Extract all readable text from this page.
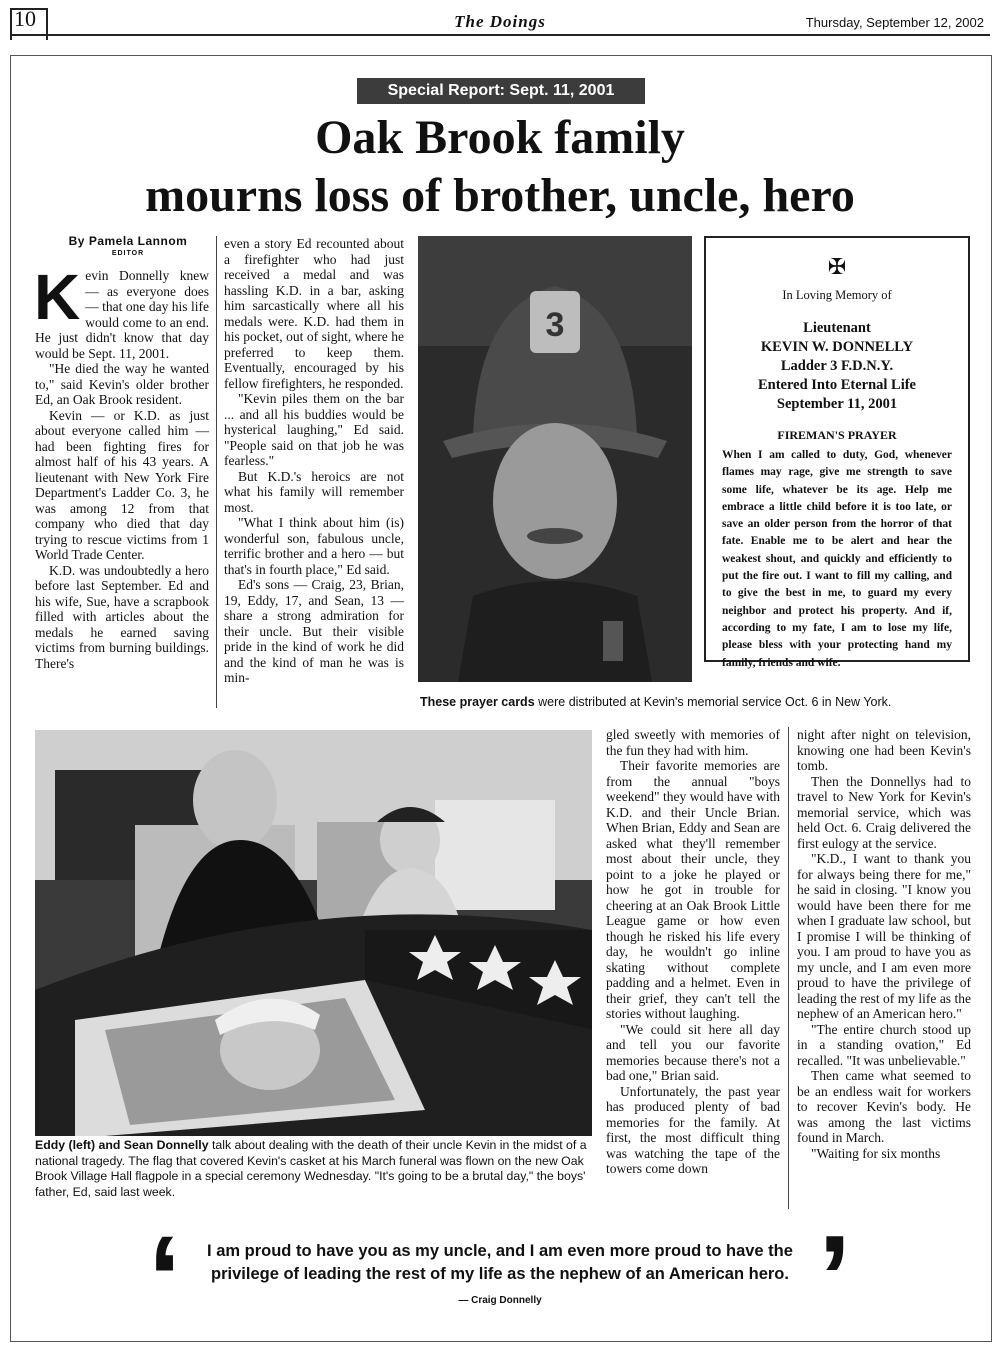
10	The Doings	Thursday, September 12, 2002
Special Report: Sept. 11, 2001
Oak Brook family
mourns loss of brother, uncle, hero
By Pamela Lannom
EDITOR
K evin Donnelly knew — as everyone does — that one day his life would come to an end. He just didn't know that day would be Sept. 11, 2001.

"He died the way he wanted to," said Kevin's older brother Ed, an Oak Brook resident.

Kevin — or K.D. as just about everyone called him — had been fighting fires for almost half of his 43 years. A lieutenant with New York Fire Department's Ladder Co. 3, he was among 12 from that company who died that day trying to rescue victims from 1 World Trade Center.

K.D. was undoubtedly a hero before last September. Ed and his wife, Sue, have a scrapbook filled with articles about the medals he earned saving victims from burning buildings. There's

even a story Ed recounted about a firefighter who had just received a medal and was hassling K.D. in a bar, asking him sarcastically where all his medals were. K.D. had them in his pocket, out of sight, where he preferred to keep them. Eventually, encouraged by his fellow firefighters, he responded.

"Kevin piles them on the bar ... and all his buddies would be hysterical laughing," Ed said. "People said on that job he was fearless."

But K.D.'s heroics are not what his family will remember most.

"What I think about him (is) wonderful son, fabulous uncle, terrific brother and a hero — but that's in fourth place," Ed said.

Ed's sons — Craig, 23, Brian, 19, Eddy, 17, and Sean, 13 — share a strong admiration for their uncle. But their visible pride in the kind of work he did and the kind of man he was is min-

3
✠
In Loving Memory of
Lieutenant
KEVIN W. DONNELLY
Ladder 3 F.D.N.Y.
Entered Into Eternal Life
September 11, 2001
FIREMAN'S PRAYER
When I am called to duty, God, whenever flames may rage, give me strength to save some life, whatever be its age. Help me embrace a little child before it is too late, or save an older person from the horror of that fate. Enable me to be alert and hear the weakest shout, and quickly and efficiently to put the fire out. I want to fill my calling, and to give the best in me, to guard my every neighbor and protect his property. And if, according to my fate, I am to lose my life, please bless with your protecting hand my family, friends and wife.
These prayer cards were distributed at Kevin's memorial service Oct. 6 in New York.
Eddy (left) and Sean Donnelly talk about dealing with the death of their uncle Kevin in the midst of a national tragedy. The flag that covered Kevin's casket at his March funeral was flown on the new Oak Brook Village Hall flagpole in a special ceremony Wednesday. "It's going to be a brutal day," the boys' father, Ed, said last week.

gled sweetly with memories of the fun they had with him.

Their favorite memories are from the annual "boys weekend" they would have with K.D. and their Uncle Brian. When Brian, Eddy and Sean are asked what they'll remember most about their uncle, they point to a joke he played or how he got in trouble for cheering at an Oak Brook Little League game or how even though he risked his life every day, he wouldn't go inline skating without complete padding and a helmet. Even in their grief, they can't tell the stories without laughing.

"We could sit here all day and tell you our favorite memories because there's not a bad one," Brian said.

Unfortunately, the past year has produced plenty of bad memories for the family. At first, the most difficult thing was watching the tape of the towers come down

night after night on television, knowing one had been Kevin's tomb.

Then the Donnellys had to travel to New York for Kevin's memorial service, which was held Oct. 6. Craig delivered the first eulogy at the service.

"K.D., I want to thank you for always being there for me," he said in closing. "I know you would have been there for me when I graduate law school, but I promise I will be thinking of you. I am proud to have you as my uncle, and I am even more proud to have the privilege of leading the rest of my life as the nephew of an American hero."

"The entire church stood up in a standing ovation," Ed recalled. "It was unbelievable."

Then came what seemed to be an endless wait for workers to recover Kevin's body. He was among the last victims found in March.

"Waiting for six months

‘	I am proud to have you as my uncle, and I am even more proud to have the privilege of leading the rest of my life as the nephew of an American hero.
— Craig Donnelly	’
